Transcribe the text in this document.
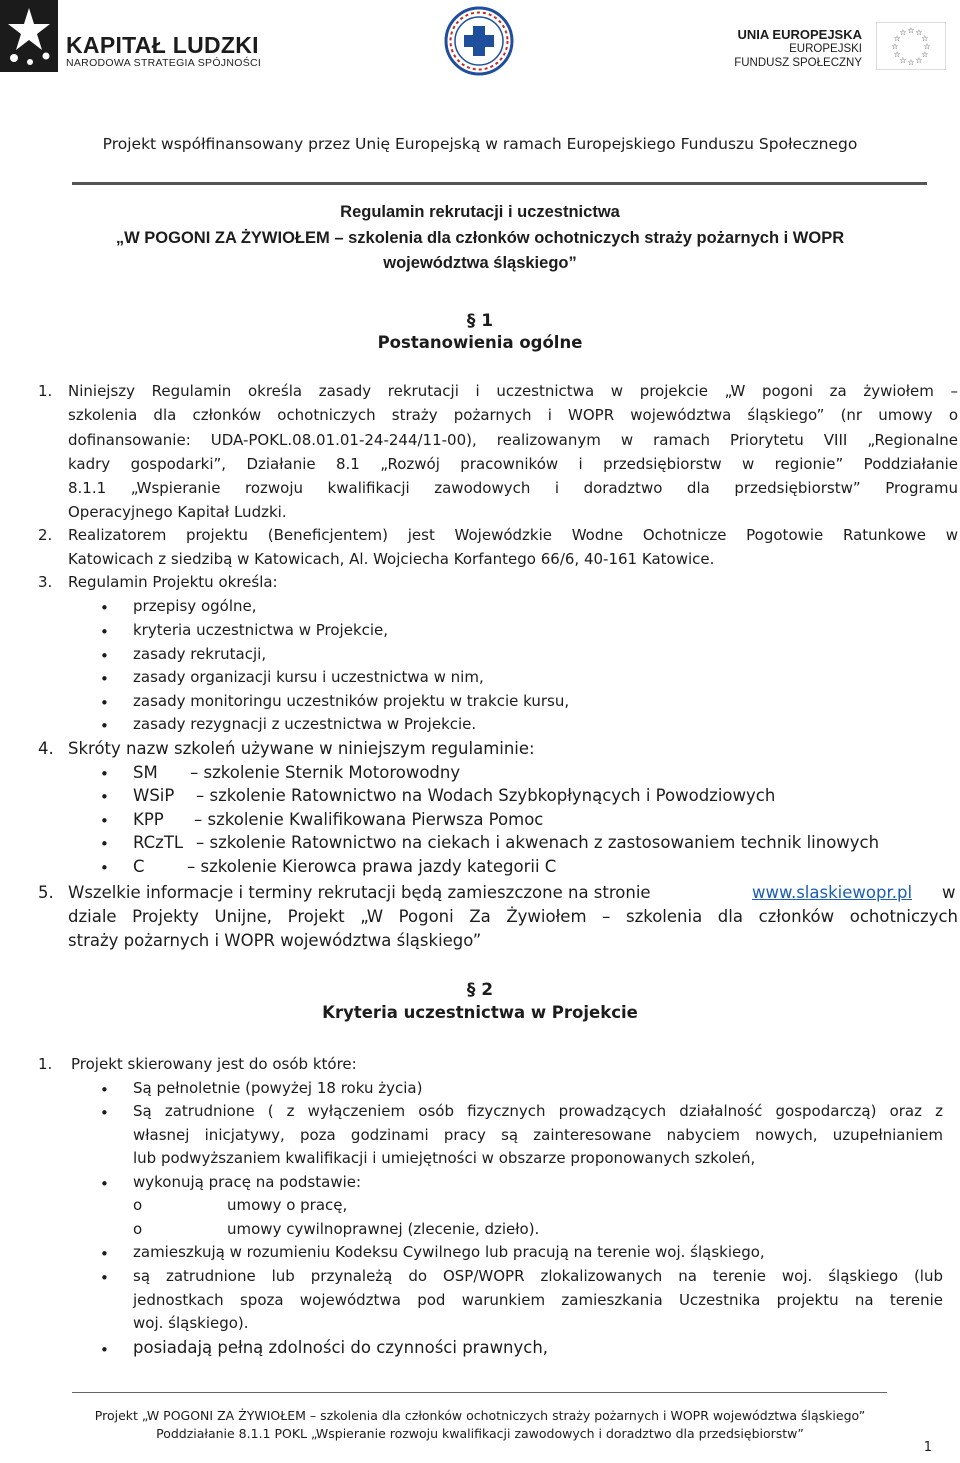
KAPITAŁ LUDZKI
NARODOWA STRATEGIA SPÓJNOŚCI
UNIA EUROPEJSKA
EUROPEJSKI
FUNDUSZ SPOŁECZNY
☆
☆
☆
☆
☆
☆
☆
☆
☆ ☆ ☆
☆
Projekt współfinansowany przez Unię Europejską w ramach Europejskiego Funduszu Społecznego
Regulamin rekrutacji i uczestnictwa
„W POGONI ZA ŻYWIOŁEM – szkolenia dla członków ochotniczych straży pożarnych i WOPR
województwa śląskiego”
§ 1
Postanowienia ogólne
1. Niniejszy Regulamin określa zasady rekrutacji i uczestnictwa w projekcie „W pogoni za żywiołem –
szkolenia dla członków ochotniczych straży pożarnych i WOPR województwa śląskiego” (nr umowy o
dofinansowanie: UDA-POKL.08.01.01-24-244/11-00), realizowanym w ramach Priorytetu VIII „Regionalne
kadry gospodarki”, Działanie 8.1 „Rozwój pracowników i przedsiębiorstw w regionie” Poddziałanie
8.1.1 „Wspieranie rozwoju kwalifikacji zawodowych i doradztwo dla przedsiębiorstw” Programu
Operacyjnego Kapitał Ludzki.
2. Realizatorem projektu (Beneficjentem) jest Wojewódzkie Wodne Ochotnicze Pogotowie Ratunkowe w
Katowicach z siedzibą w Katowicach, Al. Wojciecha Korfantego 66/6, 40-161 Katowice.
3. Regulamin Projektu określa:
•
przepisy ogólne,
•
kryteria uczestnictwa w Projekcie,
•
zasady rekrutacji,
•
zasady organizacji kursu i uczestnictwa w nim,
•
zasady monitoringu uczestników projektu w trakcie kursu,
•
zasady rezygnacji z uczestnictwa w Projekcie.
4. Skróty nazw szkoleń używane w niniejszym regulaminie:
•
SM – szkolenie Sternik Motorowodny
•
WSiP – szkolenie Ratownictwo na Wodach Szybkopłynących i Powodziowych
•
KPP – szkolenie Kwalifikowana Pierwsza Pomoc
•
RCzTL – szkolenie Ratownictwo na ciekach i akwenach z zastosowaniem technik linowych
•
C	– szkolenie Kierowca prawa jazdy kategorii C
5. Wszelkie informacje i terminy rekrutacji będą zamieszczone na stronie	www.slaskiewopr.pl w
dziale Projekty Unijne, Projekt „W Pogoni Za Żywiołem – szkolenia dla członków ochotniczych
straży pożarnych i WOPR województwa śląskiego”
§ 2
Kryteria uczestnictwa w Projekcie
1. Projekt skierowany jest do osób które:
•
Są pełnoletnie (powyżej 18 roku życia)
•
Są zatrudnione ( z wyłączeniem osób fizycznych prowadzących działalność gospodarczą) oraz z
własnej inicjatywy, poza godzinami pracy są zainteresowane nabyciem nowych, uzupełnianiem
lub podwyższaniem kwalifikacji i umiejętności w obszarze proponowanych szkoleń,
•
wykonują pracę na podstawie:
o	umowy o pracę,
o	umowy cywilnoprawnej (zlecenie, dzieło).
•
zamieszkują w rozumieniu Kodeksu Cywilnego lub pracują na terenie woj. śląskiego,
•
są zatrudnione lub przynależą do OSP/WOPR zlokalizowanych na terenie woj. śląskiego (lub
jednostkach spoza województwa pod warunkiem zamieszkania Uczestnika projektu na terenie
woj. śląskiego).
•
posiadają pełną zdolności do czynności prawnych,
Projekt „W POGONI ZA ŻYWIOŁEM – szkolenia dla członków ochotniczych straży pożarnych i WOPR województwa śląskiego”
Poddziałanie 8.1.1 POKL „Wspieranie rozwoju kwalifikacji zawodowych i doradztwo dla przedsiębiorstw”
1
